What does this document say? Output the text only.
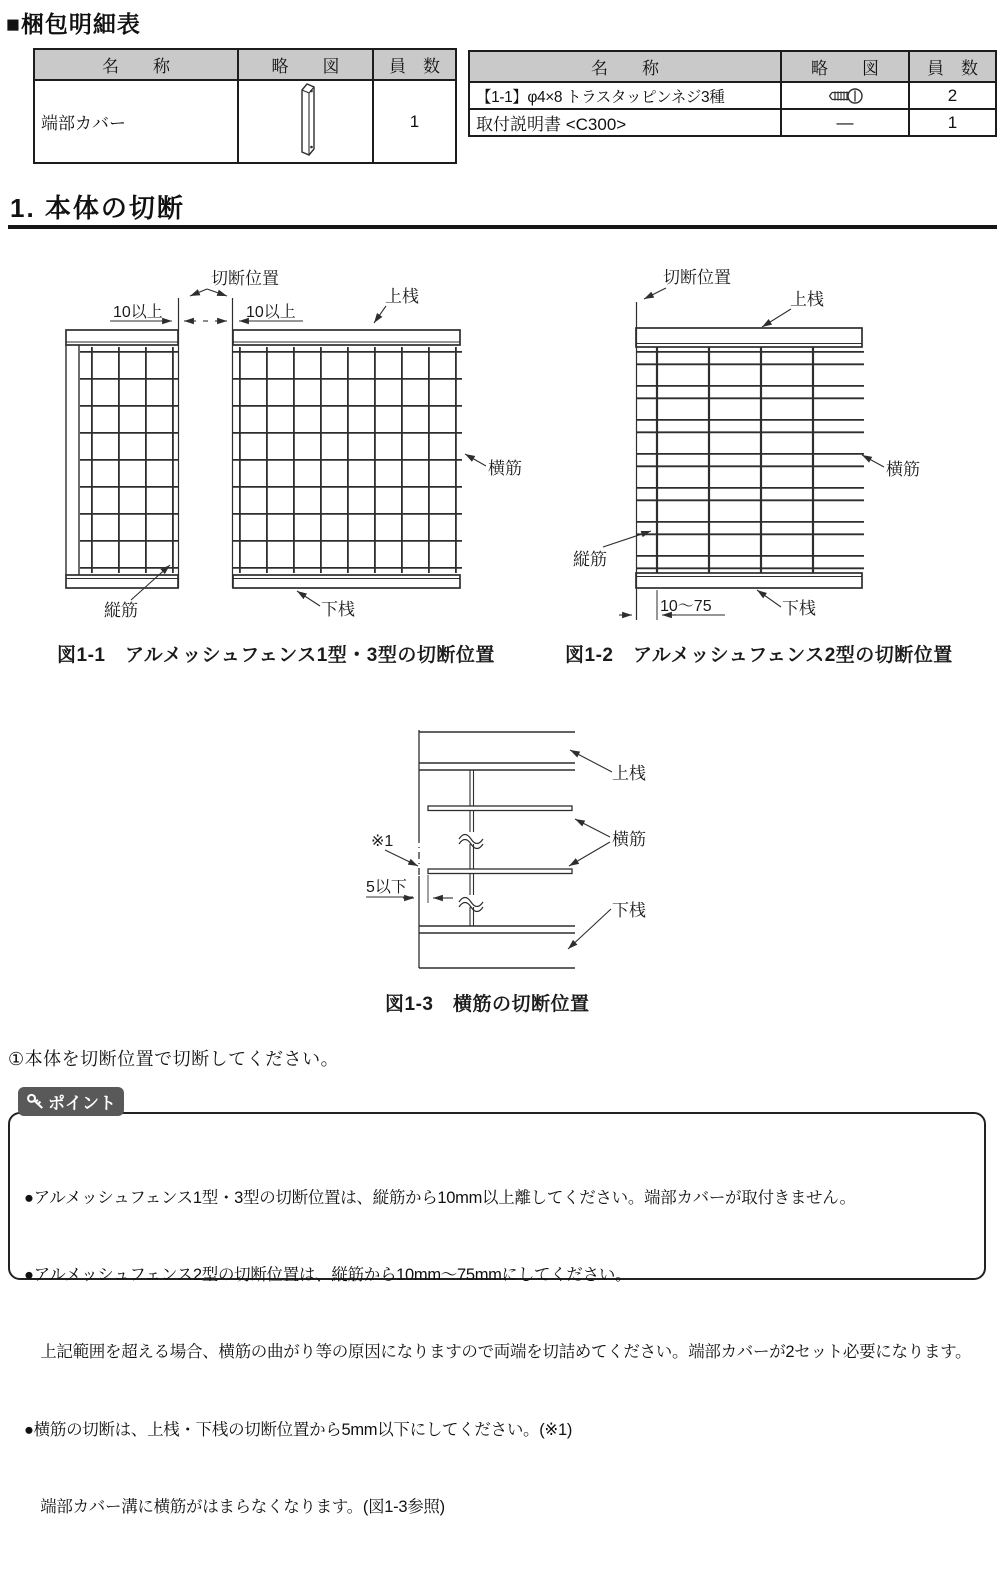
■梱包明細表
1. 本体の切断
名　　称	略　　図	員　数
端部カバー		1
名　　称	略　　図	員　数
【1-1】φ4×8 トラスタッピンネジ3種		2
取付説明書 <C300>	—	1
切断位置
10以上	10以上
上桟
横筋
縦筋	下桟
図1-1　アルメッシュフェンス1型・3型の切断位置
切断位置
上桟
横筋
縦筋
下桟
10〜75
図1-2　アルメッシュフェンス2型の切断位置
※1
5以下
上桟
横筋
下桟
図1-3　横筋の切断位置
①本体を切断位置で切断してください。
ポイント

●アルメッシュフェンス1型・3型の切断位置は、縦筋から10mm以上離してください。端部カバーが取付きません。

●アルメッシュフェンス2型の切断位置は、縦筋から10mm〜75mmにしてください。

　上記範囲を超える場合、横筋の曲がり等の原因になりますので両端を切詰めてください。端部カバーが2セット必要になります。

●横筋の切断は、上桟・下桟の切断位置から5mm以下にしてください。(※1)

　端部カバー溝に横筋がはまらなくなります。(図1-3参照)
